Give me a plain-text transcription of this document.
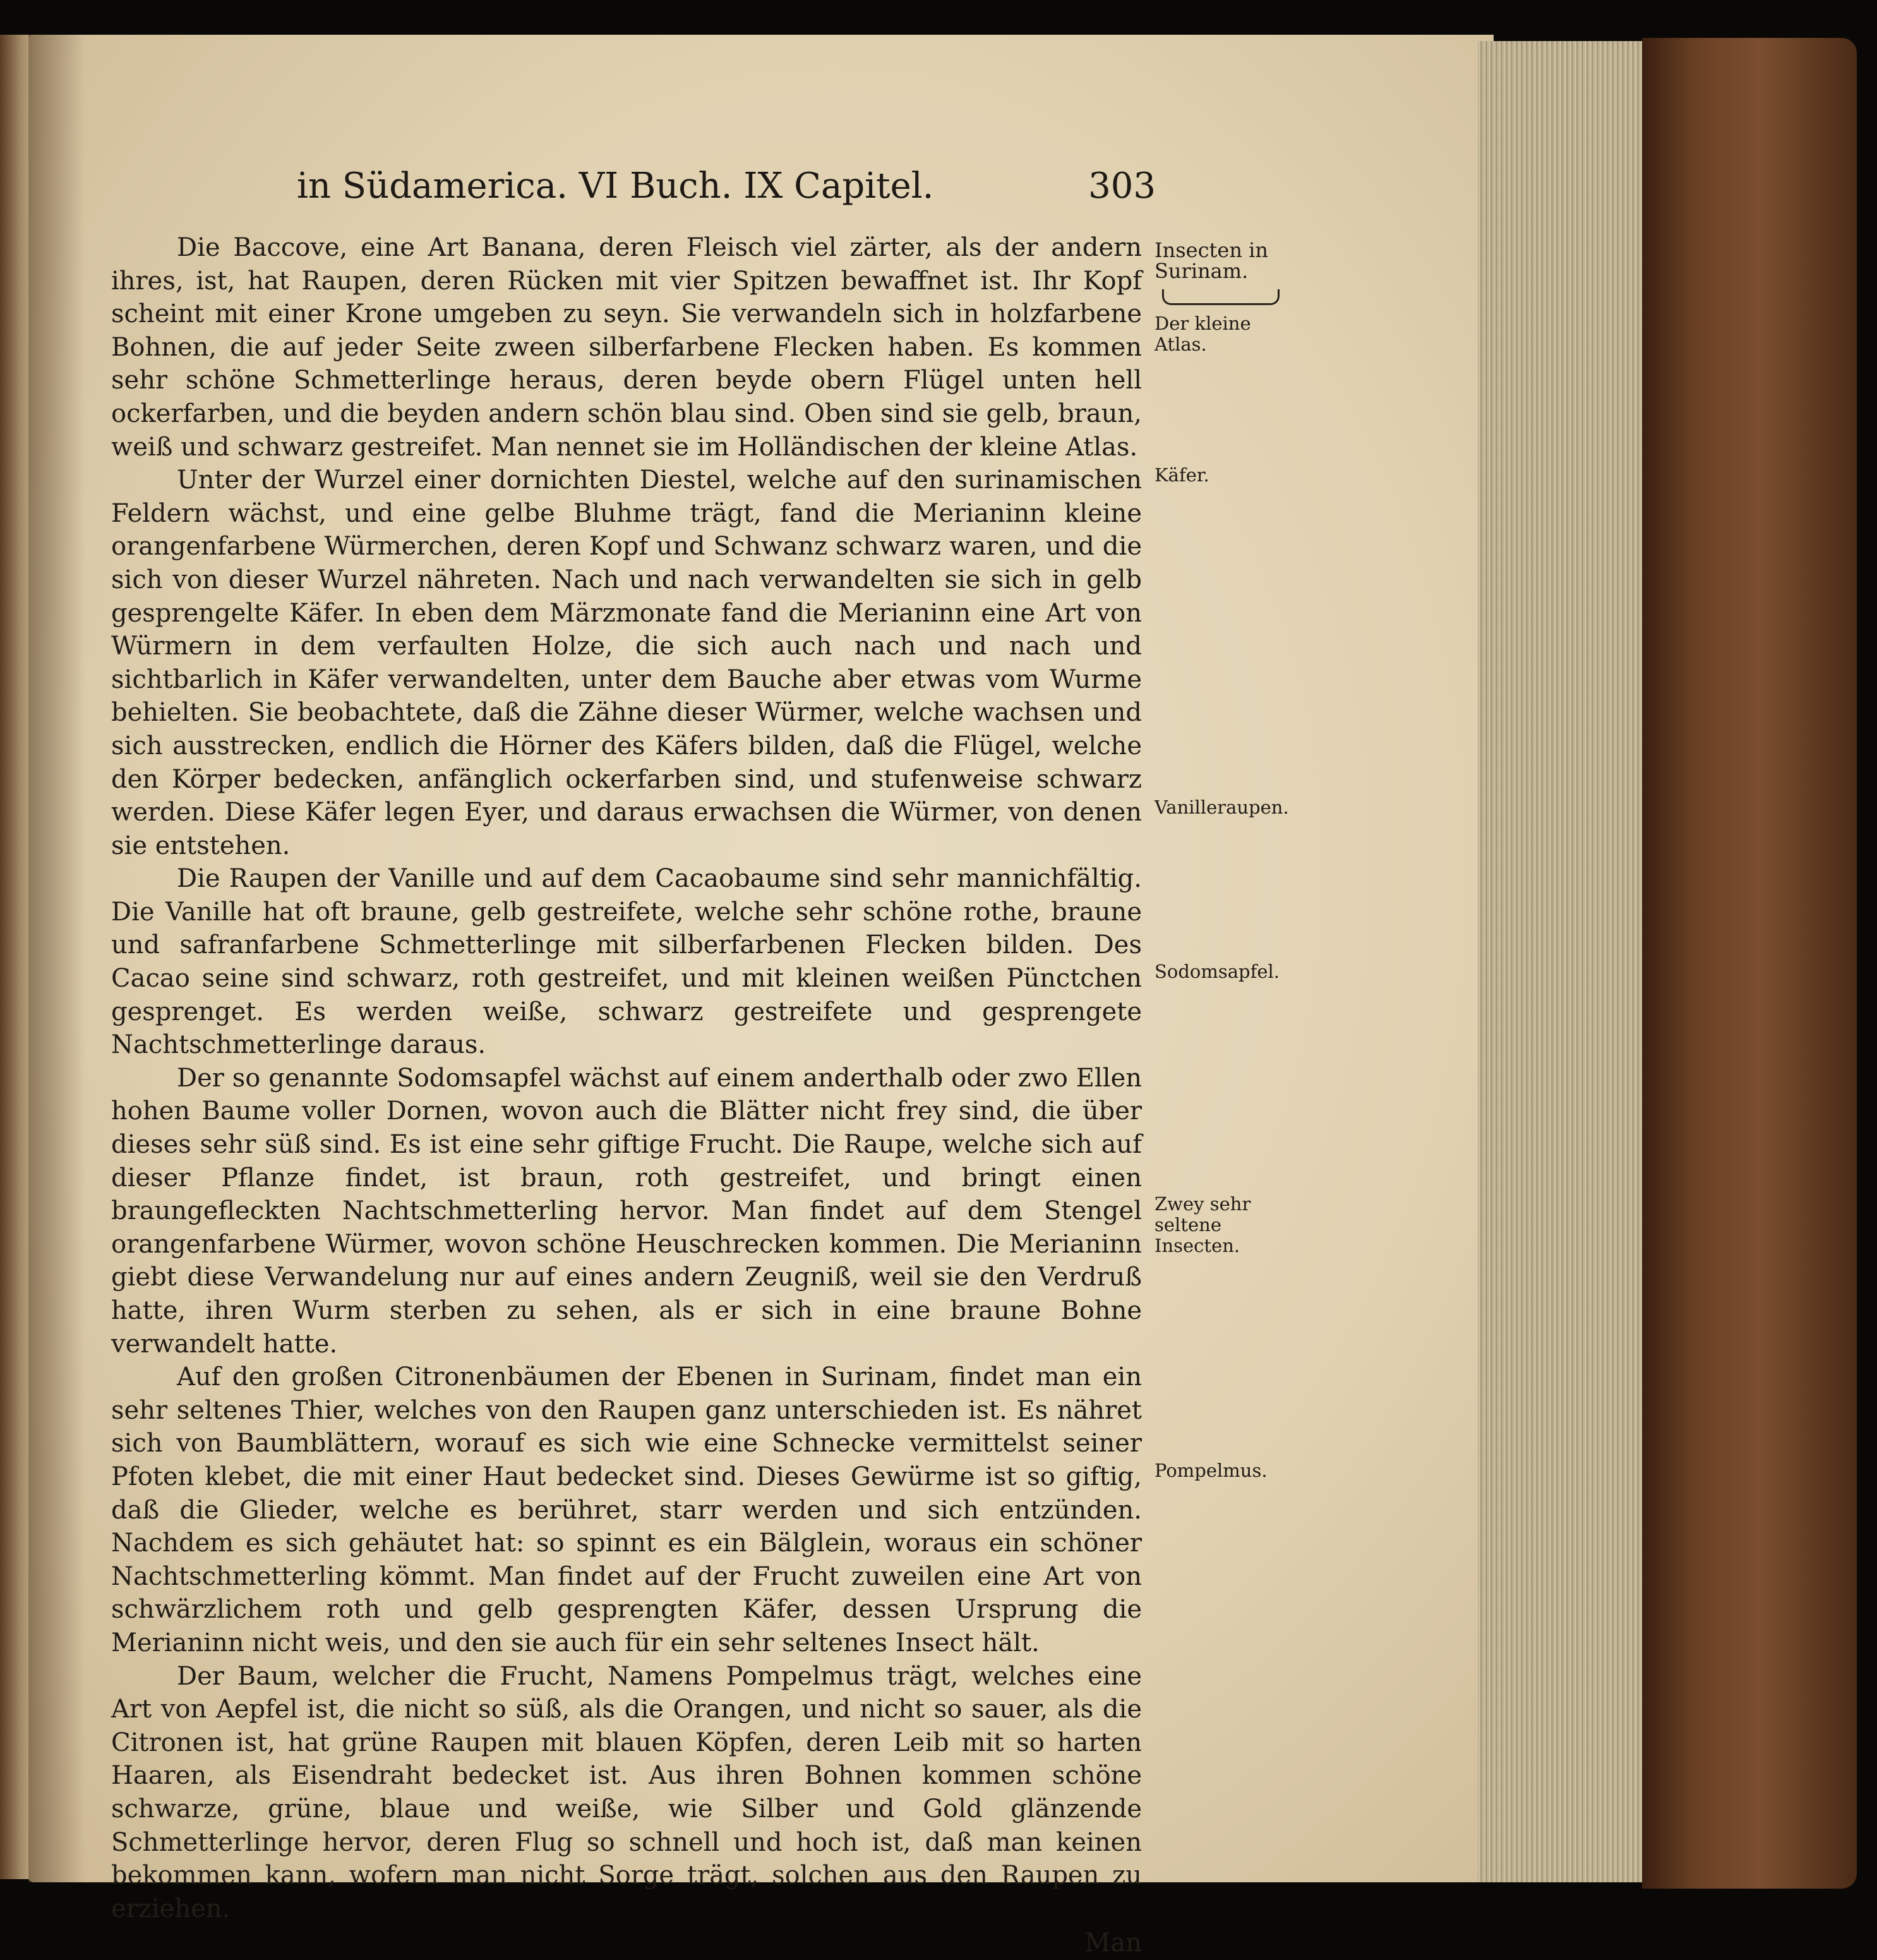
in Südamerica. VI Buch. IX Capitel.	303

Die Baccove, eine Art Banana, deren Fleisch viel zärter, als der andern ihres, ist, hat Raupen, deren Rücken mit vier Spitzen bewaffnet ist. Ihr Kopf scheint mit einer Krone umgeben zu seyn. Sie verwandeln sich in holzfarbene Bohnen, die auf jeder Seite zween silberfarbene Flecken haben. Es kommen sehr schöne Schmetterlinge heraus, deren beyde obern Flügel unten hell ockerfarben, und die beyden andern schön blau sind. Oben sind sie gelb, braun, weiß und schwarz gestreifet. Man nennet sie im Holländischen der kleine Atlas.

Unter der Wurzel einer dornichten Diestel, welche auf den surinamischen Feldern wächst, und eine gelbe Bluhme trägt, fand die Merianinn kleine orangenfarbene Würmerchen, deren Kopf und Schwanz schwarz waren, und die sich von dieser Wurzel nähreten. Nach und nach verwandelten sie sich in gelb gesprengelte Käfer. In eben dem Märzmonate fand die Merianinn eine Art von Würmern in dem verfaulten Holze, die sich auch nach und nach und sichtbarlich in Käfer verwandelten, unter dem Bauche aber etwas vom Wurme behielten. Sie beobachtete, daß die Zähne dieser Würmer, welche wachsen und sich ausstrecken, endlich die Hörner des Käfers bilden, daß die Flügel, welche den Körper bedecken, anfänglich ockerfarben sind, und stufenweise schwarz werden. Diese Käfer legen Eyer, und daraus erwachsen die Würmer, von denen sie entstehen.

Die Raupen der Vanille und auf dem Cacaobaume sind sehr mannichfältig. Die Vanille hat oft braune, gelb gestreifete, welche sehr schöne rothe, braune und safranfarbene Schmetterlinge mit silberfarbenen Flecken bilden. Des Cacao seine sind schwarz, roth gestreifet, und mit kleinen weißen Pünctchen gesprenget. Es werden weiße, schwarz gestreifete und gesprengete Nachtschmetterlinge daraus.

Der so genannte Sodomsapfel wächst auf einem anderthalb oder zwo Ellen hohen Baume voller Dornen, wovon auch die Blätter nicht frey sind, die über dieses sehr süß sind. Es ist eine sehr giftige Frucht. Die Raupe, welche sich auf dieser Pflanze findet, ist braun, roth gestreifet, und bringt einen braungefleckten Nachtschmetterling hervor. Man findet auf dem Stengel orangenfarbene Würmer, wovon schöne Heuschrecken kommen. Die Merianinn giebt diese Verwandelung nur auf eines andern Zeugniß, weil sie den Verdruß hatte, ihren Wurm sterben zu sehen, als er sich in eine braune Bohne verwandelt hatte.

Auf den großen Citronenbäumen der Ebenen in Surinam, findet man ein sehr seltenes Thier, welches von den Raupen ganz unterschieden ist. Es nähret sich von Baumblättern, worauf es sich wie eine Schnecke vermittelst seiner Pfoten klebet, die mit einer Haut bedecket sind. Dieses Gewürme ist so giftig, daß die Glieder, welche es berühret, starr werden und sich entzünden. Nachdem es sich gehäutet hat: so spinnt es ein Bälglein, woraus ein schöner Nachtschmetterling kömmt. Man findet auf der Frucht zuweilen eine Art von schwärzlichem roth und gelb gesprengten Käfer, dessen Ursprung die Merianinn nicht weis, und den sie auch für ein sehr seltenes Insect hält.

Der Baum, welcher die Frucht, Namens Pompelmus trägt, welches eine Art von Aepfel ist, die nicht so süß, als die Orangen, und nicht so sauer, als die Citronen ist, hat grüne Raupen mit blauen Köpfen, deren Leib mit so harten Haaren, als Eisendraht bedecket ist. Aus ihren Bohnen kommen schöne schwarze, grüne, blaue und weiße, wie Silber und Gold glänzende Schmetterlinge hervor, deren Flug so schnell und hoch ist, daß man keinen bekommen kann, wofern man nicht Sorge trägt, solchen aus den Raupen zu erziehen.

Man

Insecten in Surinam.
Der kleine Atlas.
Käfer.
Vanilleraupen.
Sodomsapfel.
Zwey sehr seltene Insecten.
Pompelmus.
